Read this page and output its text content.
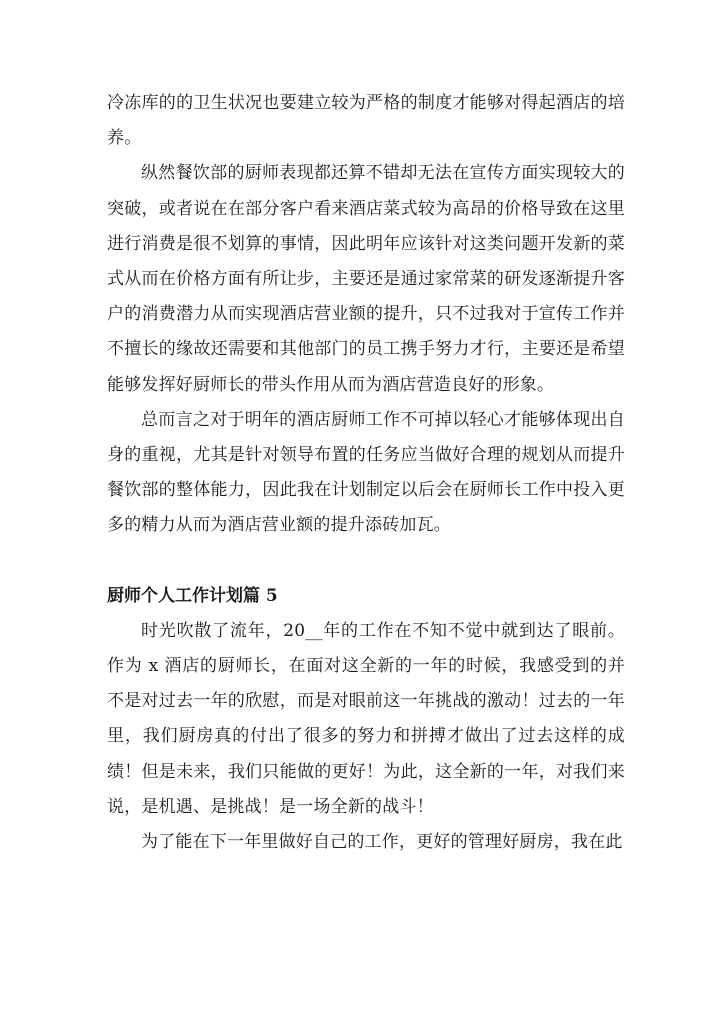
冷冻库的的卫生状况也要建立较为严格的制度才能够对得起酒店的培养。

纵然餐饮部的厨师表现都还算不错却无法在宣传方面实现较大的突破，或者说在在部分客户看来酒店菜式较为高昂的价格导致在这里进行消费是很不划算的事情，因此明年应该针对这类问题开发新的菜式从而在价格方面有所让步，主要还是通过家常菜的研发逐渐提升客户的消费潜力从而实现酒店营业额的提升，只不过我对于宣传工作并不擅长的缘故还需要和其他部门的员工携手努力才行，主要还是希望能够发挥好厨师长的带头作用从而为酒店营造良好的形象。

总而言之对于明年的酒店厨师工作不可掉以轻心才能够体现出自身的重视，尤其是针对领导布置的任务应当做好合理的规划从而提升餐饮部的整体能力，因此我在计划制定以后会在厨师长工作中投入更多的精力从而为酒店营业额的提升添砖加瓦。

厨师个人工作计划篇 5

时光吹散了流年，20__年的工作在不知不觉中就到达了眼前。作为 x 酒店的厨师长，在面对这全新的一年的时候，我感受到的并不是对过去一年的欣慰，而是对眼前这一年挑战的激动！过去的一年里，我们厨房真的付出了很多的努力和拼搏才做出了过去这样的成绩！但是未来，我们只能做的更好！为此，这全新的一年，对我们来说，是机遇、是挑战！是一场全新的战斗！

为了能在下一年里做好自己的工作，更好的管理好厨房，我在此
